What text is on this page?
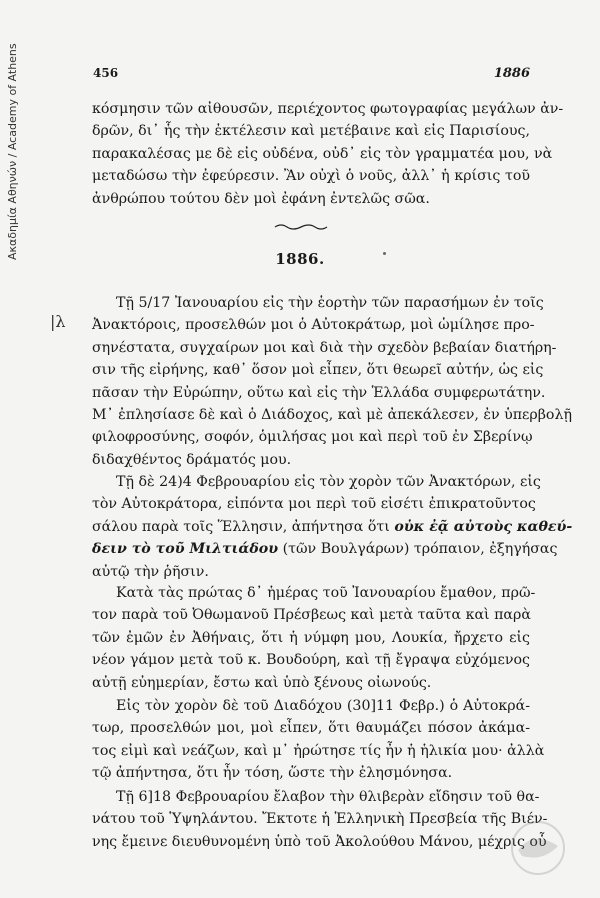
Ακαδημία Αθηνών / Academy of Athens
|λ
456	1886
κόσμησιν τῶν αἰθουσῶν, περιέχοντος φωτογραφίας μεγάλων ἀν-
δρῶν, δι᾽ ἧς τὴν ἐκτέλεσιν καὶ μετέβαινε καὶ εἰς Παρισίους,
παρακαλέσας με δὲ εἰς οὐδένα, οὐδ᾽ εἰς τὸν γραμματέα μου, νὰ
μεταδώσω τὴν ἐφεύρεσιν. Ἂν οὐχὶ ὁ νοῦς, ἀλλ᾽ ἡ κρίσις τοῦ
ἀνθρώπου τούτου δὲν μοὶ ἐφάνη ἐντελῶς σῶα.
1886.
Τῇ 5/17 Ἰανουαρίου εἰς τὴν ἑορτὴν τῶν παρασήμων ἐν τοῖς
Ἀνακτόροις, προσελθών μοι ὁ Αὐτοκράτωρ, μοὶ ὡμίλησε προ-
σηνέστατα, συγχαίρων μοι καὶ διὰ τὴν σχεδὸν βεβαίαν διατήρη-
σιν τῆς εἰρήνης, καθ᾽ ὅσον μοὶ εἶπεν, ὅτι θεωρεῖ αὐτήν, ὡς εἰς
πᾶσαν τὴν Εὐρώπην, οὕτω καὶ εἰς τὴν Ἑλλάδα συμφερωτάτην.
Μ᾽ ἐπλησίασε δὲ καὶ ὁ Διάδοχος, καὶ μὲ ἀπεκάλεσεν, ἐν ὑπερβολῇ
φιλοφροσύνης, σοφόν, ὁμιλήσας μοι καὶ περὶ τοῦ ἐν Σβερίνῳ
διδαχθέντος δράματός μου.
Τῇ δὲ 24)4 Φεβρουαρίου εἰς τὸν χορὸν τῶν Ἀνακτόρων, εἰς
τὸν Αὐτοκράτορα, εἰπόντα μοι περὶ τοῦ εἰσέτι ἐπικρατοῦντος
σάλου παρὰ τοῖς Ἕλλησιν, ἀπήντησα ὅτι οὐκ ἐᾷ αὐτοὺς καθεύ-
δειν τὸ τοῦ Μιλτιάδου (τῶν Βουλγάρων) τρόπαιον, ἐξηγήσας
αὐτῷ τὴν ῥῆσιν.
Κατὰ τὰς πρώτας δ᾽ ἡμέρας τοῦ Ἰανουαρίου ἔμαθον, πρῶ-
τον παρὰ τοῦ Ὀθωμανοῦ Πρέσβεως καὶ μετὰ ταῦτα καὶ παρὰ
τῶν ἐμῶν ἐν Ἀθήναις, ὅτι ἡ νύμφη μου, Λουκία, ἤρχετο εἰς
νέον γάμον μετὰ τοῦ κ. Βουδούρη, καὶ τῇ ἔγραψα εὐχόμενος
αὐτῇ εὐημερίαν, ἔστω καὶ ὑπὸ ξένους οἰωνούς.
Εἰς τὸν χορὸν δὲ τοῦ Διαδόχου (30]11 Φεβρ.) ὁ Αὐτοκρά-
τωρ, προσελθών μοι, μοὶ εἶπεν, ὅτι θαυμάζει πόσον ἀκάμα-
τος εἰμὶ καὶ νεάζων, καὶ μ᾽ ἠρώτησε τίς ἦν ἡ ἡλικία μου· ἀλλὰ
τῷ ἀπήντησα, ὅτι ἦν τόση, ὥστε τὴν ἐλησμόνησα.
Τῇ 6]18 Φεβρουαρίου ἔλαβον τὴν θλιβερὰν εἴδησιν τοῦ θα-
νάτου τοῦ Ὑψηλάντου. Ἔκτοτε ἡ Ἑλληνικὴ Πρεσβεία τῆς Βιέν-
νης ἔμεινε διευθυνομένη ὑπὸ τοῦ Ἀκολούθου Μάνου, μέχρις οὗ
